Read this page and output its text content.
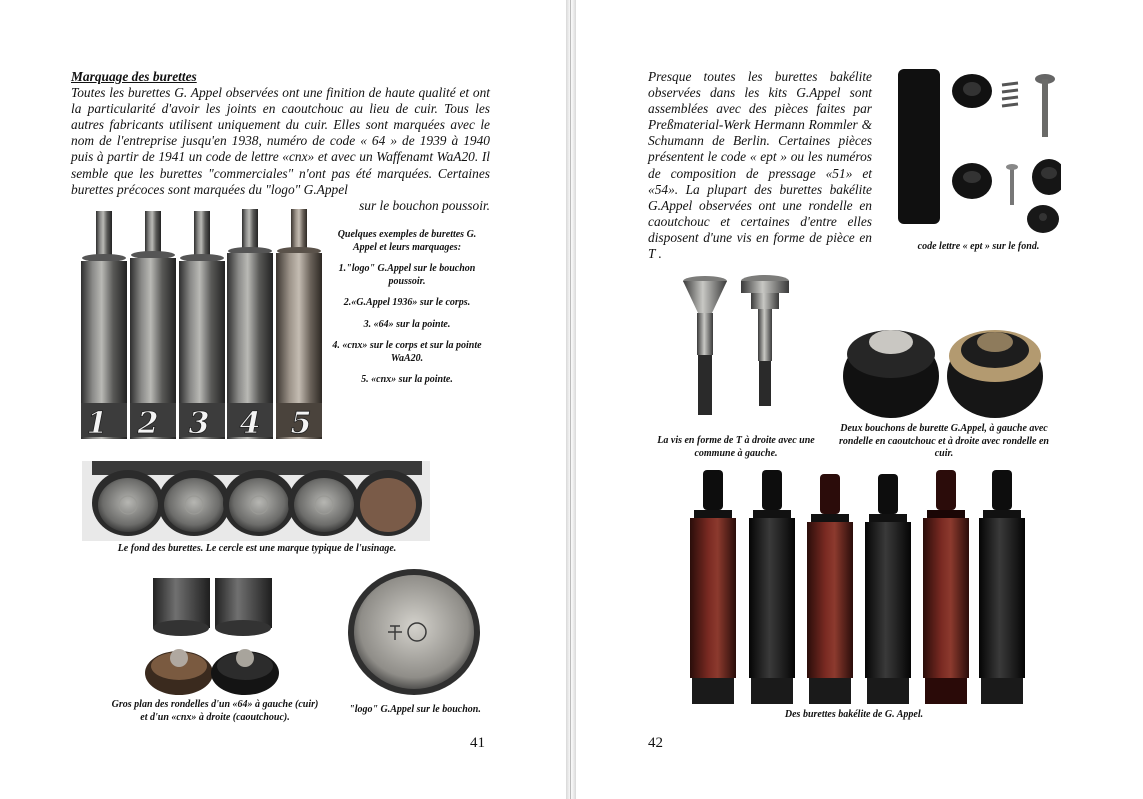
Marquage des burettes
Toutes les burettes G. Appel observées ont une finition de haute qualité et ont la particularité d'avoir les joints en caoutchouc au lieu de cuir. Tous les autres fabricants utilisent uniquement du cuir. Elles sont marquées avec le nom de l'entreprise jusqu'en 1938, numéro de code « 64 » de 1939 à 1940 puis à partir de 1941 un code de lettre «cnx» et avec un Waffenamt WaA20. Il semble que les burettes "commerciales" n'ont pas été marquées. Certaines burettes précoces sont marquées du "logo" G.Appel
sur le bouchon poussoir.
1 2 3 4 5

Quelques exemples de burettes G. Appel et leurs marquages:

1."logo" G.Appel sur le bouchon poussoir.

2.«G.Appel 1936» sur le corps.

3. «64» sur la pointe.

4. «cnx» sur le corps et sur la pointe WaA20.

5. «cnx» sur la pointe.

Le fond des burettes. Le cercle est une marque typique de l'usinage.
Gros plan des rondelles d'un «64» à gauche (cuir) et d'un «cnx» à droite (caoutchouc).
"logo" G.Appel sur le bouchon.
41
Presque toutes les burettes bakélite observées dans les kits G.Appel sont assemblées avec des pièces faites par Preßmaterial-Werk Hermann Rommler & Schumann de Berlin. Certaines pièces présentent le code « ept » ou les numéros de composition de pressage «51» et «54». La plupart des burettes bakélite G.Appel observées ont une rondelle en caoutchouc et certaines d'entre elles disposent d'une vis en forme de pièce en T .	code lettre « ept » sur le fond.
La vis en forme de T à droite avec une commune à gauche.
Deux bouchons de burette G.Appel, à gauche avec rondelle en caoutchouc et à droite avec rondelle en cuir.
Des burettes bakélite de G. Appel.
42
